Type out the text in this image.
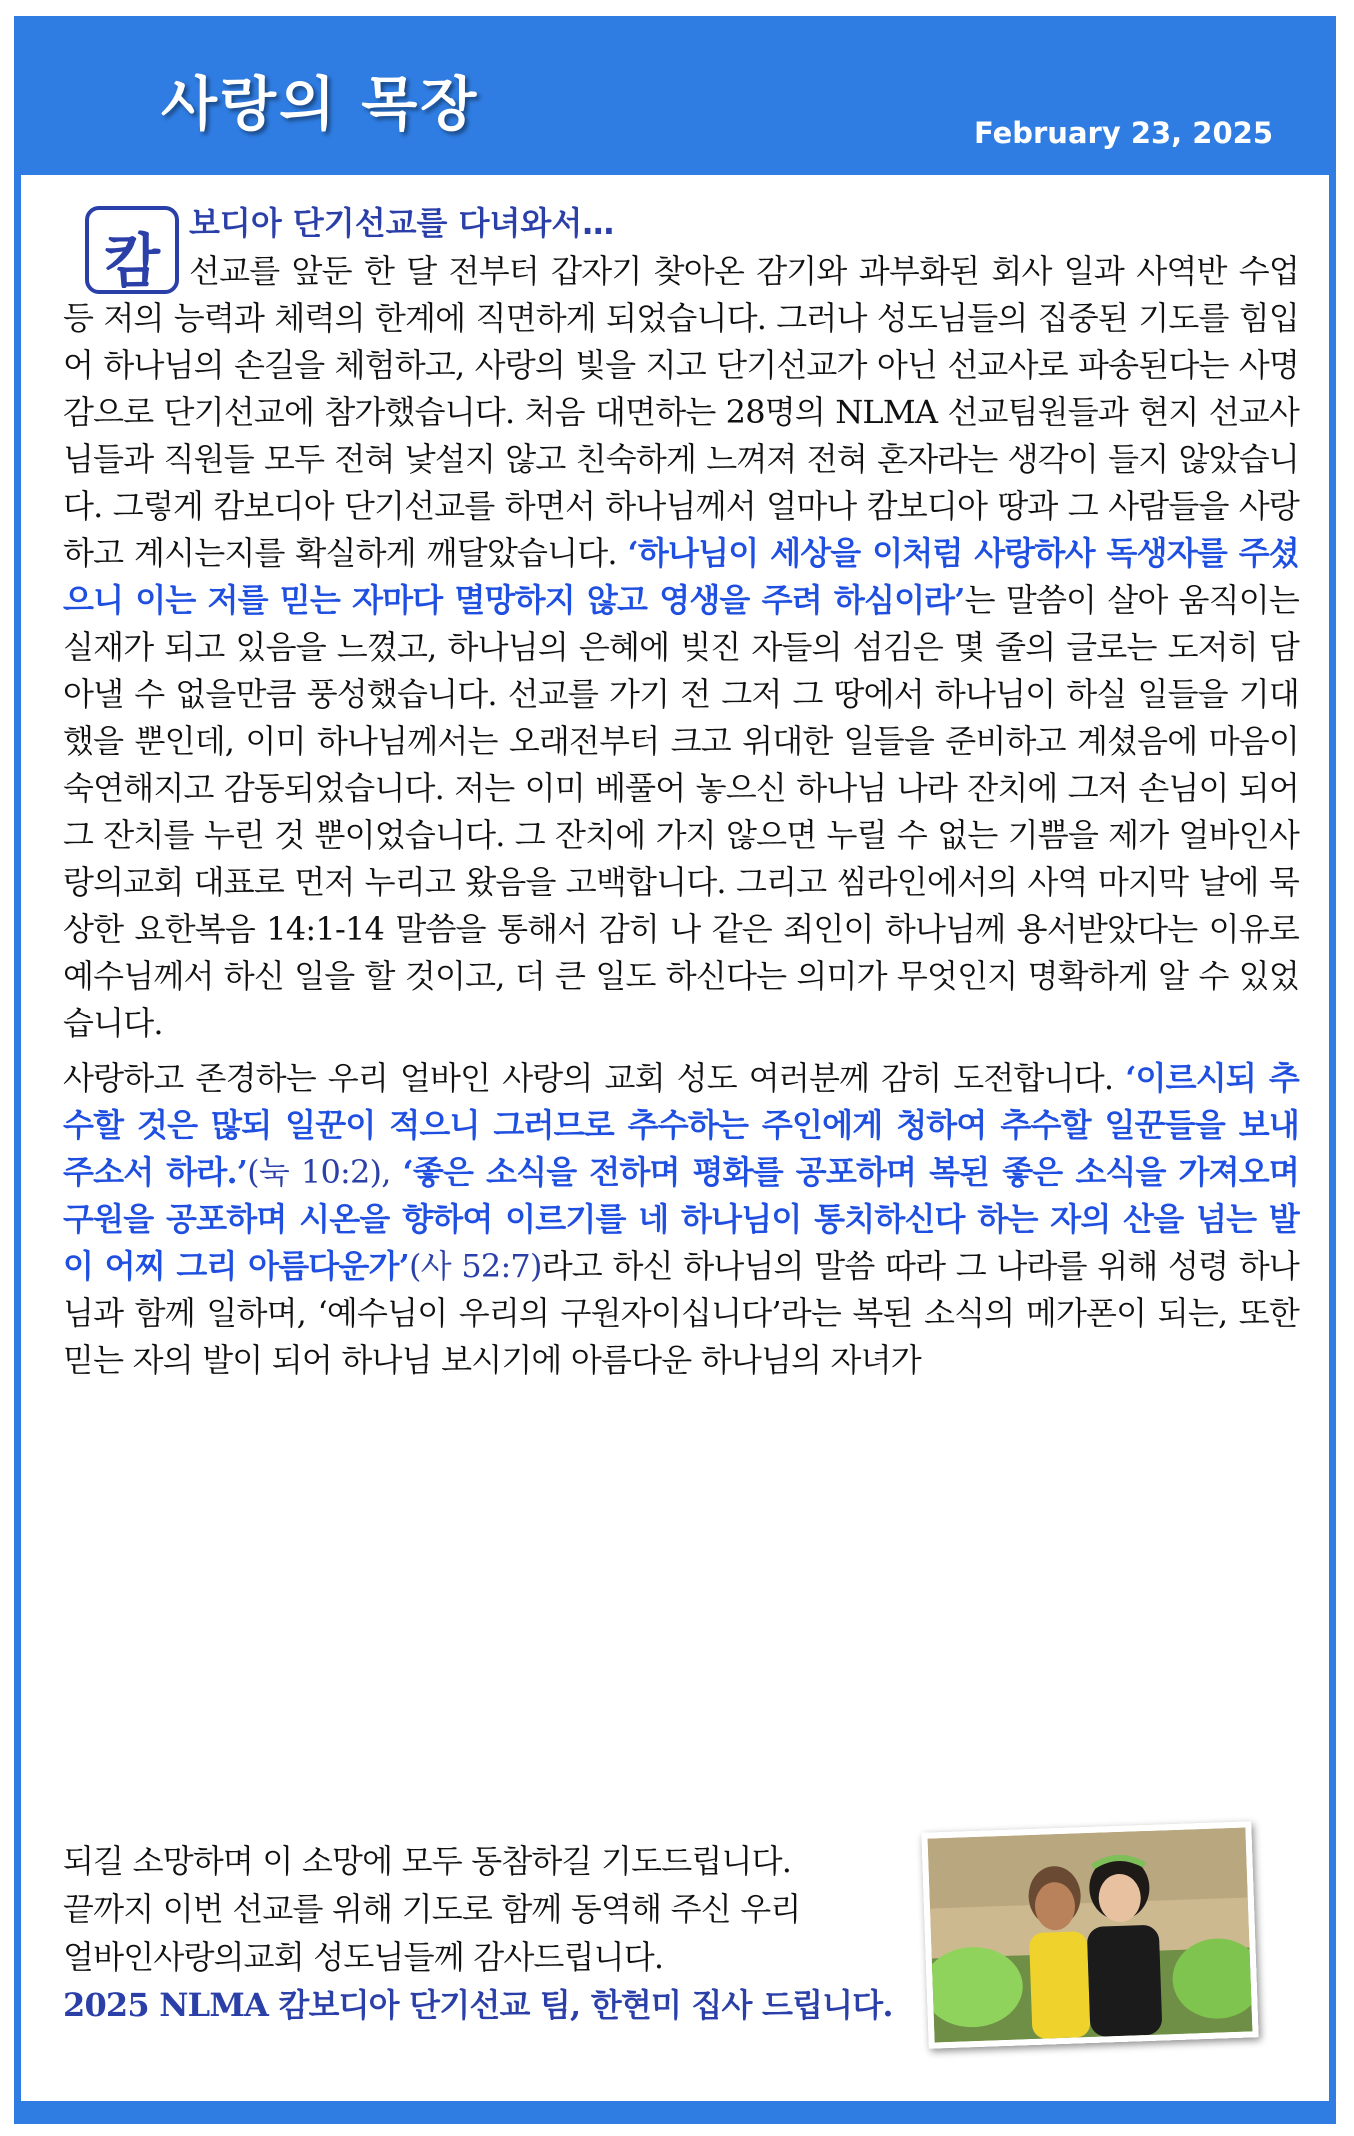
사랑의 목장	February 23, 2025
캄
보디아 단기선교를 다녀와서…

선교를 앞둔 한 달 전부터 갑자기 찾아온 감기와 과부화된 회사 일과 사역반 수업 등 저의 능력과 체력의 한계에 직면하게 되었습니다. 그러나 성도님들의 집중된 기도를 힘입어 하나님의 손길을 체험하고, 사랑의 빛을 지고 단기선교가 아닌 선교사로 파송된다는 사명감으로 단기선교에 참가했습니다. 처음 대면하는 28명의 NLMA 선교팀원들과 현지 선교사님들과 직원들 모두 전혀 낯설지 않고 친숙하게 느껴져 전혀 혼자라는 생각이 들지 않았습니다. 그렇게 캄보디아 단기선교를 하면서 하나님께서 얼마나 캄보디아 땅과 그 사람들을 사랑하고 계시는지를 확실하게 깨달았습니다. ‘하나님이 세상을 이처럼 사랑하사 독생자를 주셨으니 이는 저를 믿는 자마다 멸망하지 않고 영생을 주려 하심이라’는 말씀이 살아 움직이는 실재가 되고 있음을 느꼈고, 하나님의 은혜에 빚진 자들의 섬김은 몇 줄의 글로는 도저히 담아낼 수 없을만큼 풍성했습니다. 선교를 가기 전 그저 그 땅에서 하나님이 하실 일들을 기대했을 뿐인데, 이미 하나님께서는 오래전부터 크고 위대한 일들을 준비하고 계셨음에 마음이 숙연해지고 감동되었습니다. 저는 이미 베풀어 놓으신 하나님 나라 잔치에 그저 손님이 되어 그 잔치를 누린 것 뿐이었습니다. 그 잔치에 가지 않으면 누릴 수 없는 기쁨을 제가 얼바인사랑의교회 대표로 먼저 누리고 왔음을 고백합니다. 그리고 씸라인에서의 사역 마지막 날에 묵상한 요한복음 14:1-14 말씀을 통해서 감히 나 같은 죄인이 하나님께 용서받았다는 이유로 예수님께서 하신 일을 할 것이고, 더 큰 일도 하신다는 의미가 무엇인지 명확하게 알 수 있었습니다.

사랑하고 존경하는 우리 얼바인 사랑의 교회 성도 여러분께 감히 도전합니다. ‘이르시되 추수할 것은 많되 일꾼이 적으니 그러므로 추수하는 주인에게 청하여 추수할 일꾼들을 보내 주소서 하라.’(눅 10:2), ‘좋은 소식을 전하며 평화를 공포하며 복된 좋은 소식을 가져오며 구원을 공포하며 시온을 향하여 이르기를 네 하나님이 통치하신다 하는 자의 산을 넘는 발이 어찌 그리 아름다운가’(사 52:7)라고 하신 하나님의 말씀 따라 그 나라를 위해 성령 하나님과 함께 일하며, ‘예수님이 우리의 구원자이십니다’라는 복된 소식의 메가폰이 되는, 또한 믿는 자의 발이 되어 하나님 보시기에 아름다운 하나님의 자녀가

되길 소망하며 이 소망에 모두 동참하길 기도드립니다.
끝까지 이번 선교를 위해 기도로 함께 동역해 주신 우리
얼바인사랑의교회 성도님들께 감사드립니다.
2025 NLMA 캄보디아 단기선교 팀, 한현미 집사 드립니다.
